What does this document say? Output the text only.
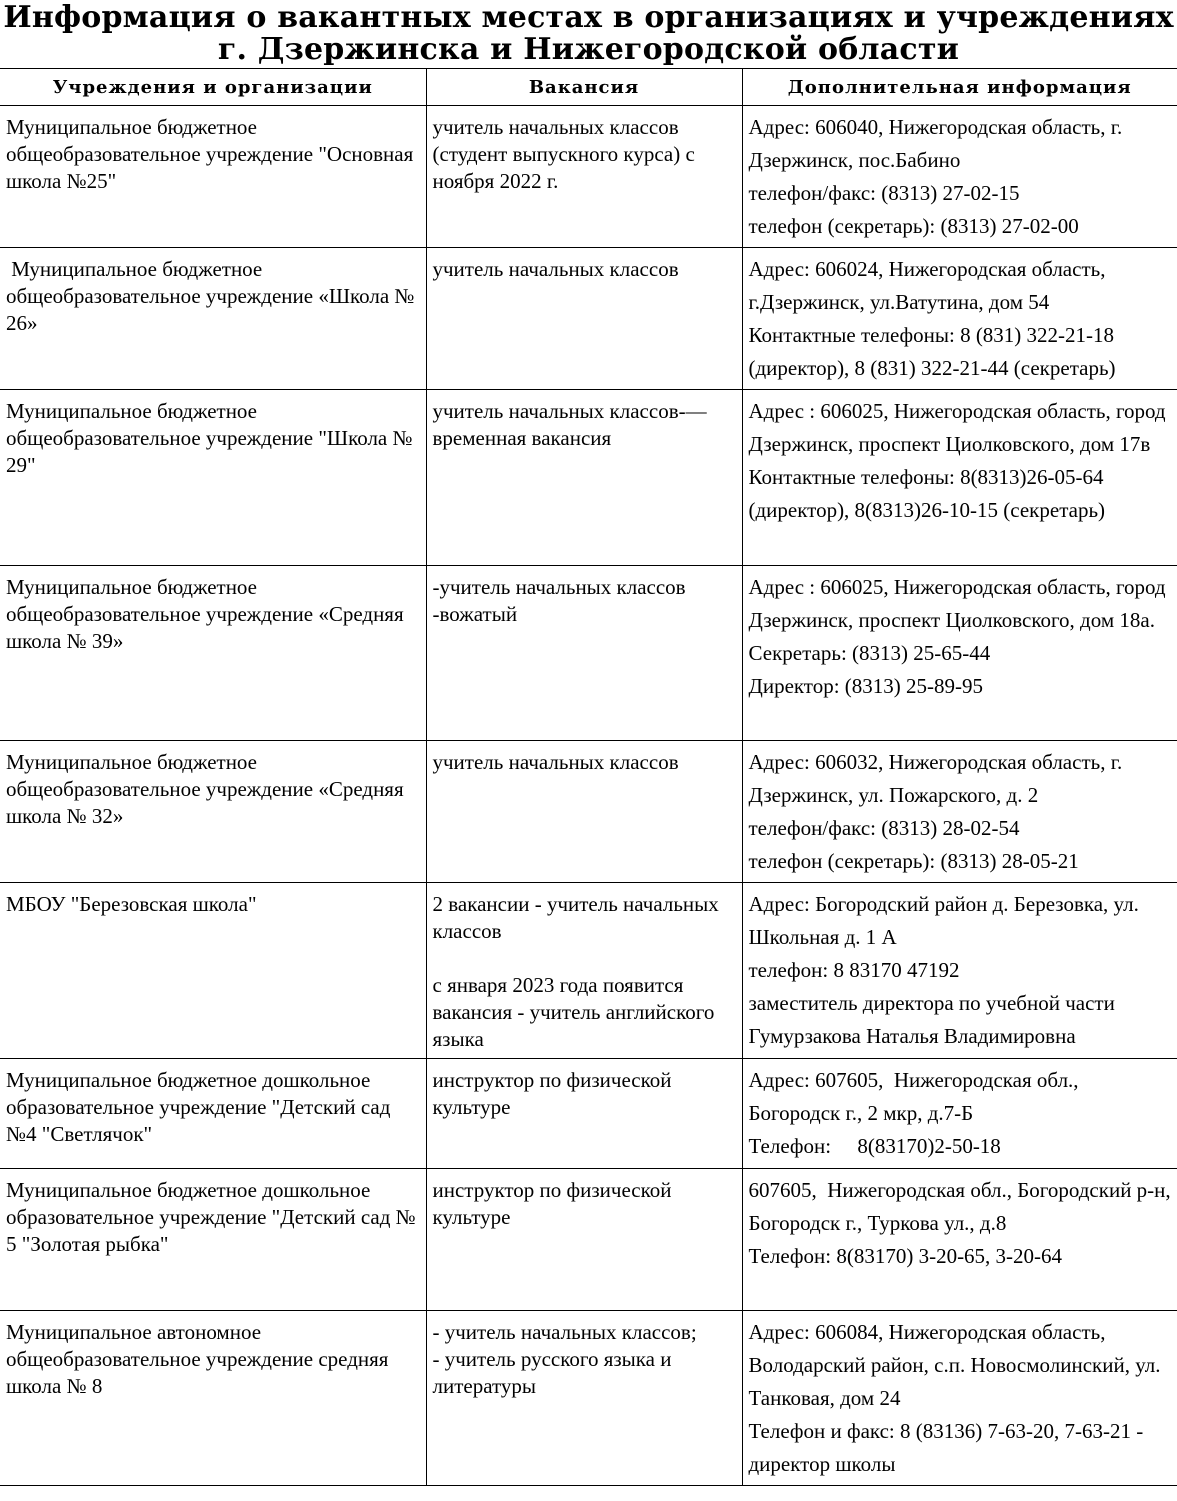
Информация о вакантных местах в организациях и учреждениях
г. Дзержинска и Нижегородской области
Учреждения и организации	Вакансия	Дополнительная информация
Муниципальное бюджетное общеобразовательное учреждение "Основная школа №25"	учитель начальных классов (студент выпускного курса) с ноября 2022 г.	Адрес: 606040, Нижегородская область, г. Дзержинск, пос.Бабино
телефон/факс: (8313) 27-02-15
телефон (секретарь): (8313) 27-02-00

Муниципальное бюджетное общеобразовательное учреждение «Школа № 26»	учитель начальных классов	Адрес: 606024, Нижегородская область, г.Дзержинск, ул.Ватутина, дом 54
Контактные телефоны: 8 (831) 322-21-18 (директор), 8 (831) 322-21-44 (секретарь)

Муниципальное бюджетное общеобразовательное учреждение "Школа № 29"	учитель начальных классов-— временная вакансия	Адрес : 606025, Нижегородская область, город Дзержинск, проспект Циолковского, дом 17в
Контактные телефоны: 8(8313)26-05-64 (директор), 8(8313)26-10-15 (секретарь)

Муниципальное бюджетное общеобразовательное учреждение «Средняя школа № 39»	-учитель начальных классов
-вожатый	Адрес : 606025, Нижегородская область, город Дзержинск, проспект Циолковского, дом 18а.
Секретарь: (8313) 25-65-44
Директор: (8313) 25-89-95

Муниципальное бюджетное общеобразовательное учреждение «Средняя школа № 32»	учитель начальных классов	Адрес: 606032, Нижегородская область, г. Дзержинск, ул. Пожарского, д. 2
телефон/факс: (8313) 28-02-54
телефон (секретарь): (8313) 28-05-21

МБОУ "Березовская школа"	2 вакансии - учитель начальных классов
с января 2023 года появится вакансия - учитель английского языка	Адрес: Богородский район д. Березовка, ул. Школьная д. 1 А
телефон: 8 83170 47192
заместитель директора по учебной части Гумурзакова Наталья Владимировна

Муниципальное бюджетное дошкольное образовательное учреждение "Детский сад №4 "Светлячок"	инструктор по физической культуре	Адрес: 607605,  Нижегородская обл., Богородск г., 2 мкр, д.7-Б
Телефон:     8(83170)2-50-18

Муниципальное бюджетное дошкольное образовательное учреждение "Детский сад № 5 "Золотая рыбка"	инструктор по физической культуре	607605,  Нижегородская обл., Богородский р-н, Богородск г., Туркова ул., д.8
Телефон: 8(83170) 3-20-65, 3-20-64

Муниципальное автономное общеобразовательное учреждение средняя школа № 8	- учитель начальных классов;
- учитель русского языка и литературы	Адрес: 606084, Нижегородская область, Володарский район, с.п. Новосмолинский, ул. Танковая, дом 24
Телефон и факс: 8 (83136) 7-63-20, 7-63-21 - директор школы
